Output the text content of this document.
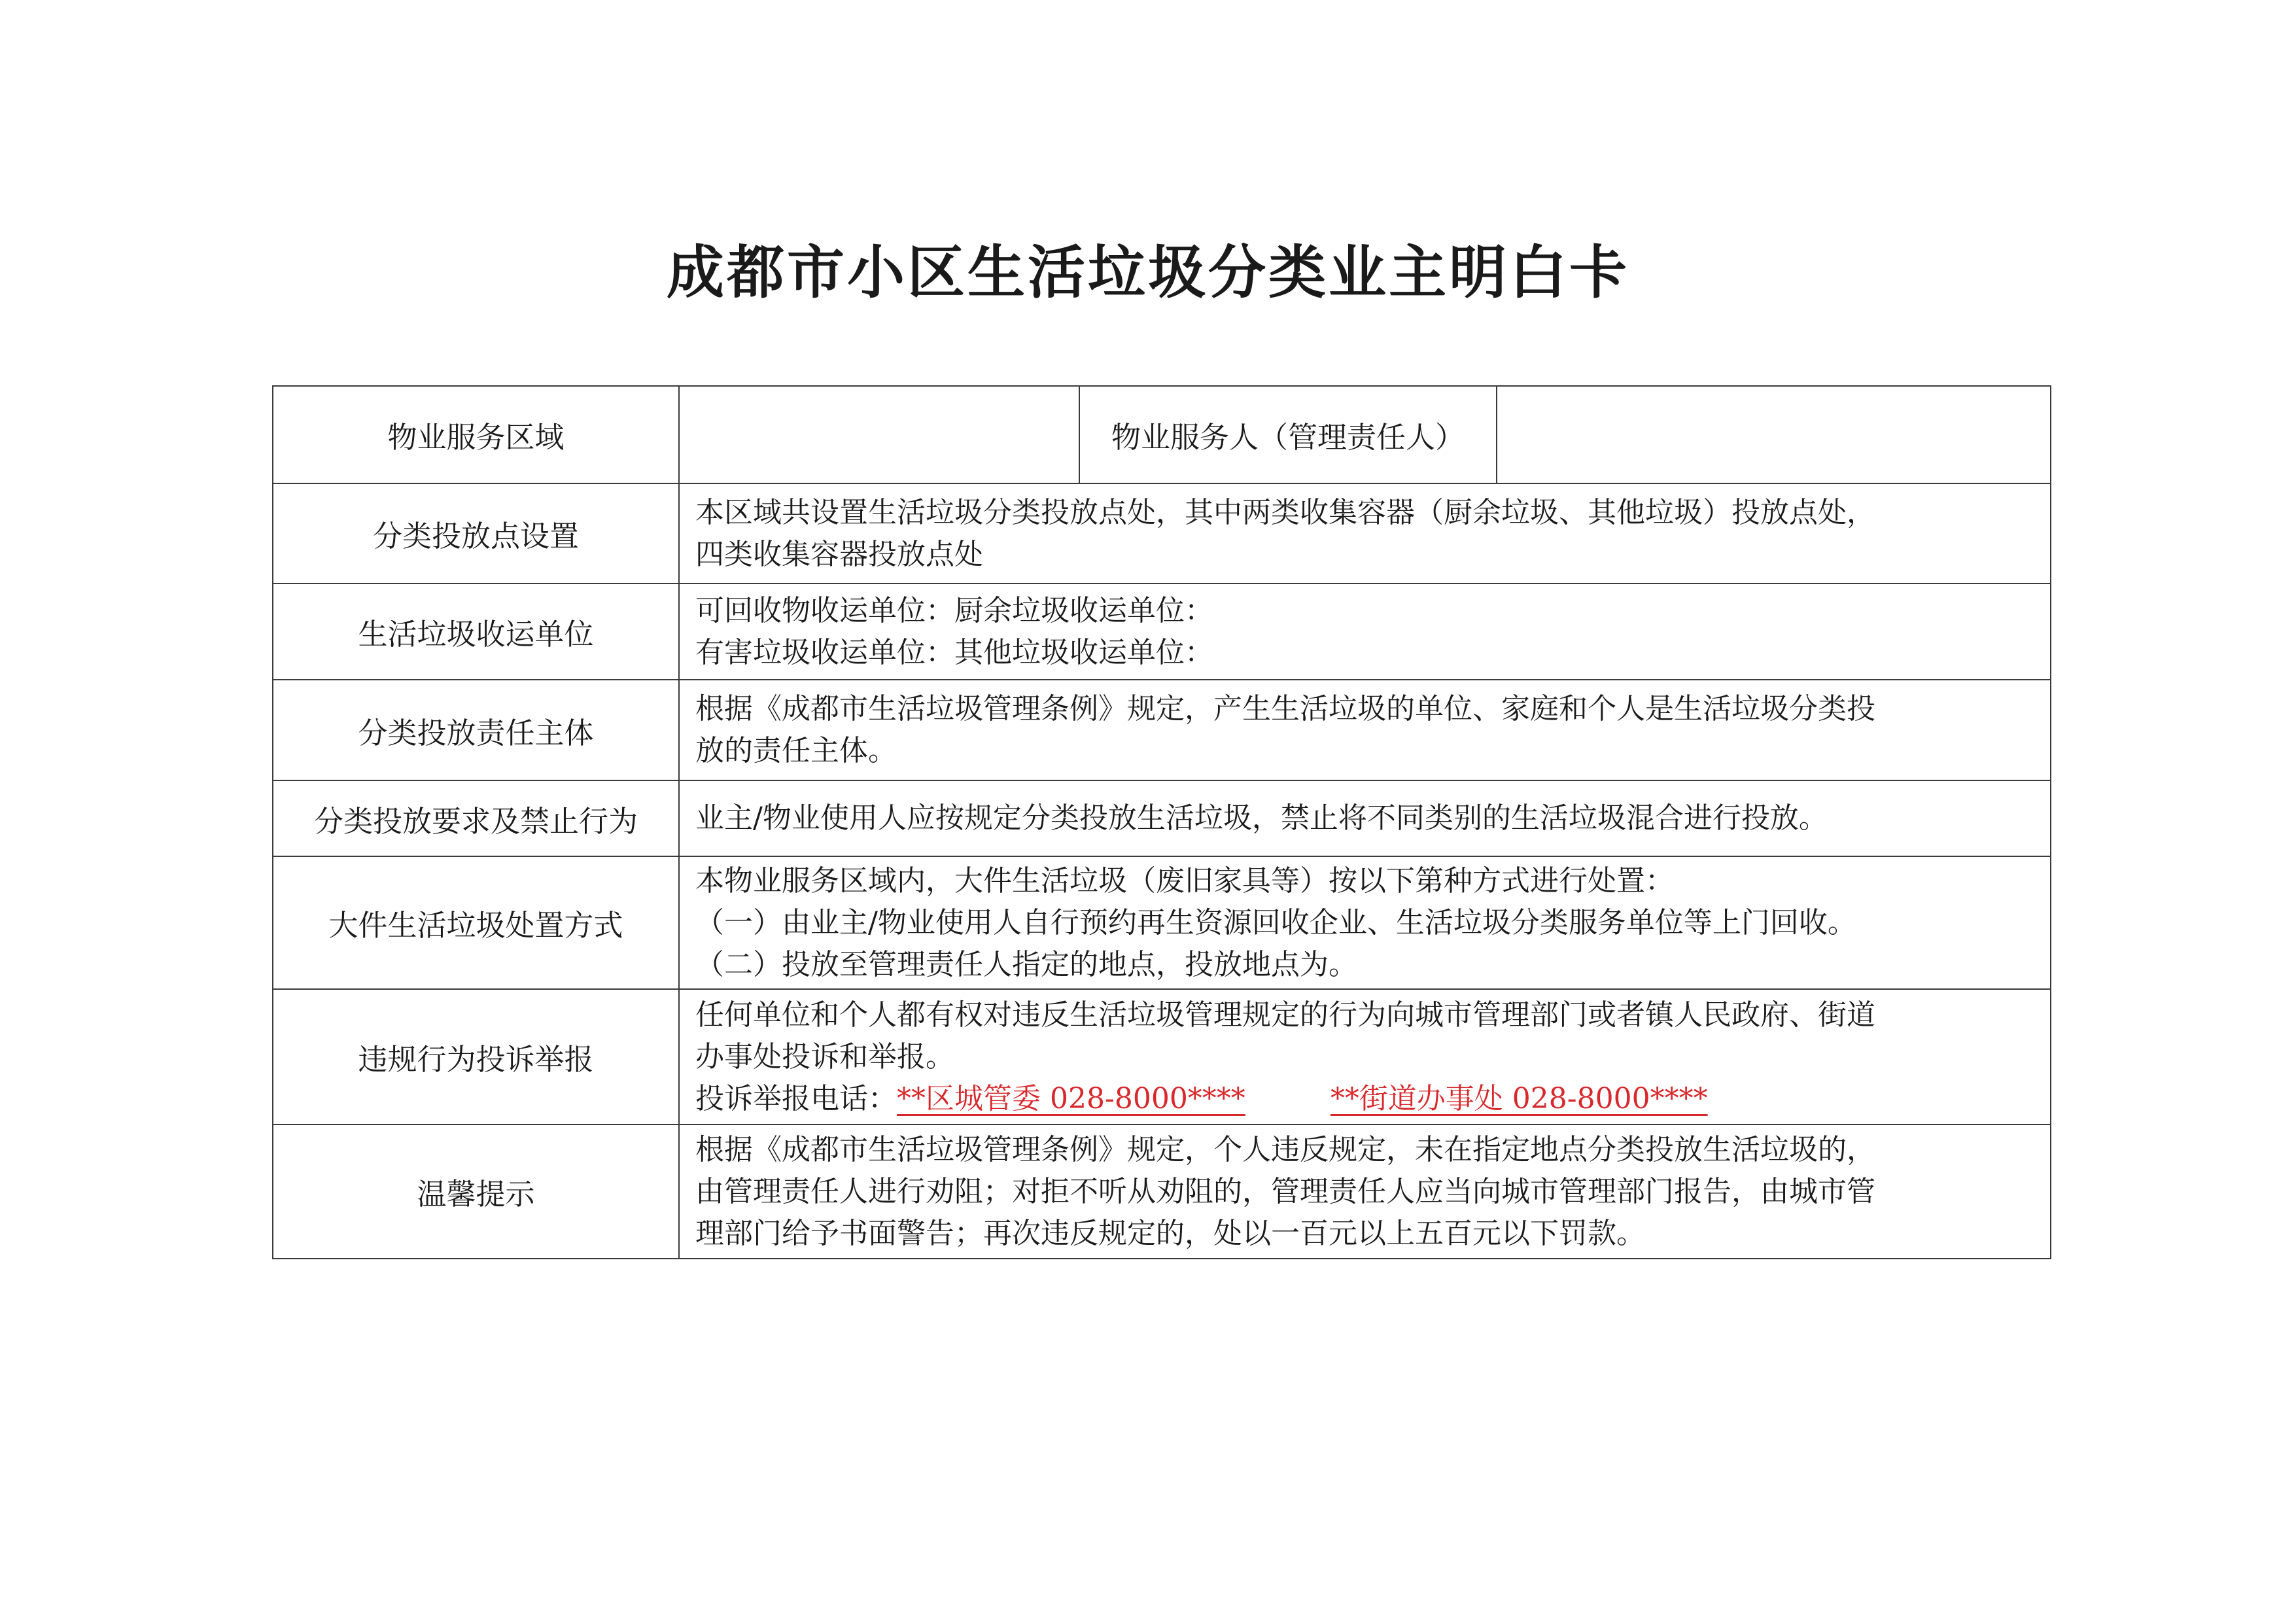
成都市小区生活垃圾分类业主明白卡
物业服务区域		物业服务人（管理责任人）	
分类投放点设置	本区域共设置生活垃圾分类投放点处，其中两类收集容器（厨余垃圾、其他垃圾）投放点处，
四类收集容器投放点处		

生活垃圾收运单位	可回收物收运单位：厨余垃圾收运单位：
有害垃圾收运单位：其他垃圾收运单位：		

分类投放责任主体	根据《成都市生活垃圾管理条例》规定，产生生活垃圾的单位、家庭和个人是生活垃圾分类投
放的责任主体。		

分类投放要求及禁止行为	业主/物业使用人应按规定分类投放生活垃圾，禁止将不同类别的生活垃圾混合进行投放。		

大件生活垃圾处置方式	本物业服务区域内，大件生活垃圾（废旧家具等）按以下第种方式进行处置：
（一）由业主/物业使用人自行预约再生资源回收企业、生活垃圾分类服务单位等上门回收。
（二）投放至管理责任人指定的地点，投放地点为。		

违规行为投诉举报	任何单位和个人都有权对违反生活垃圾管理规定的行为向城市管理部门或者镇人民政府、街道
办事处投诉和举报。
投诉举报电话：**区城管委 028-8000**** **街道办事处 028-8000****		

温馨提示	根据《成都市生活垃圾管理条例》规定，个人违反规定，未在指定地点分类投放生活垃圾的，
由管理责任人进行劝阻；对拒不听从劝阻的，管理责任人应当向城市管理部门报告，由城市管
理部门给予书面警告；再次违反规定的，处以一百元以上五百元以下罚款。		
